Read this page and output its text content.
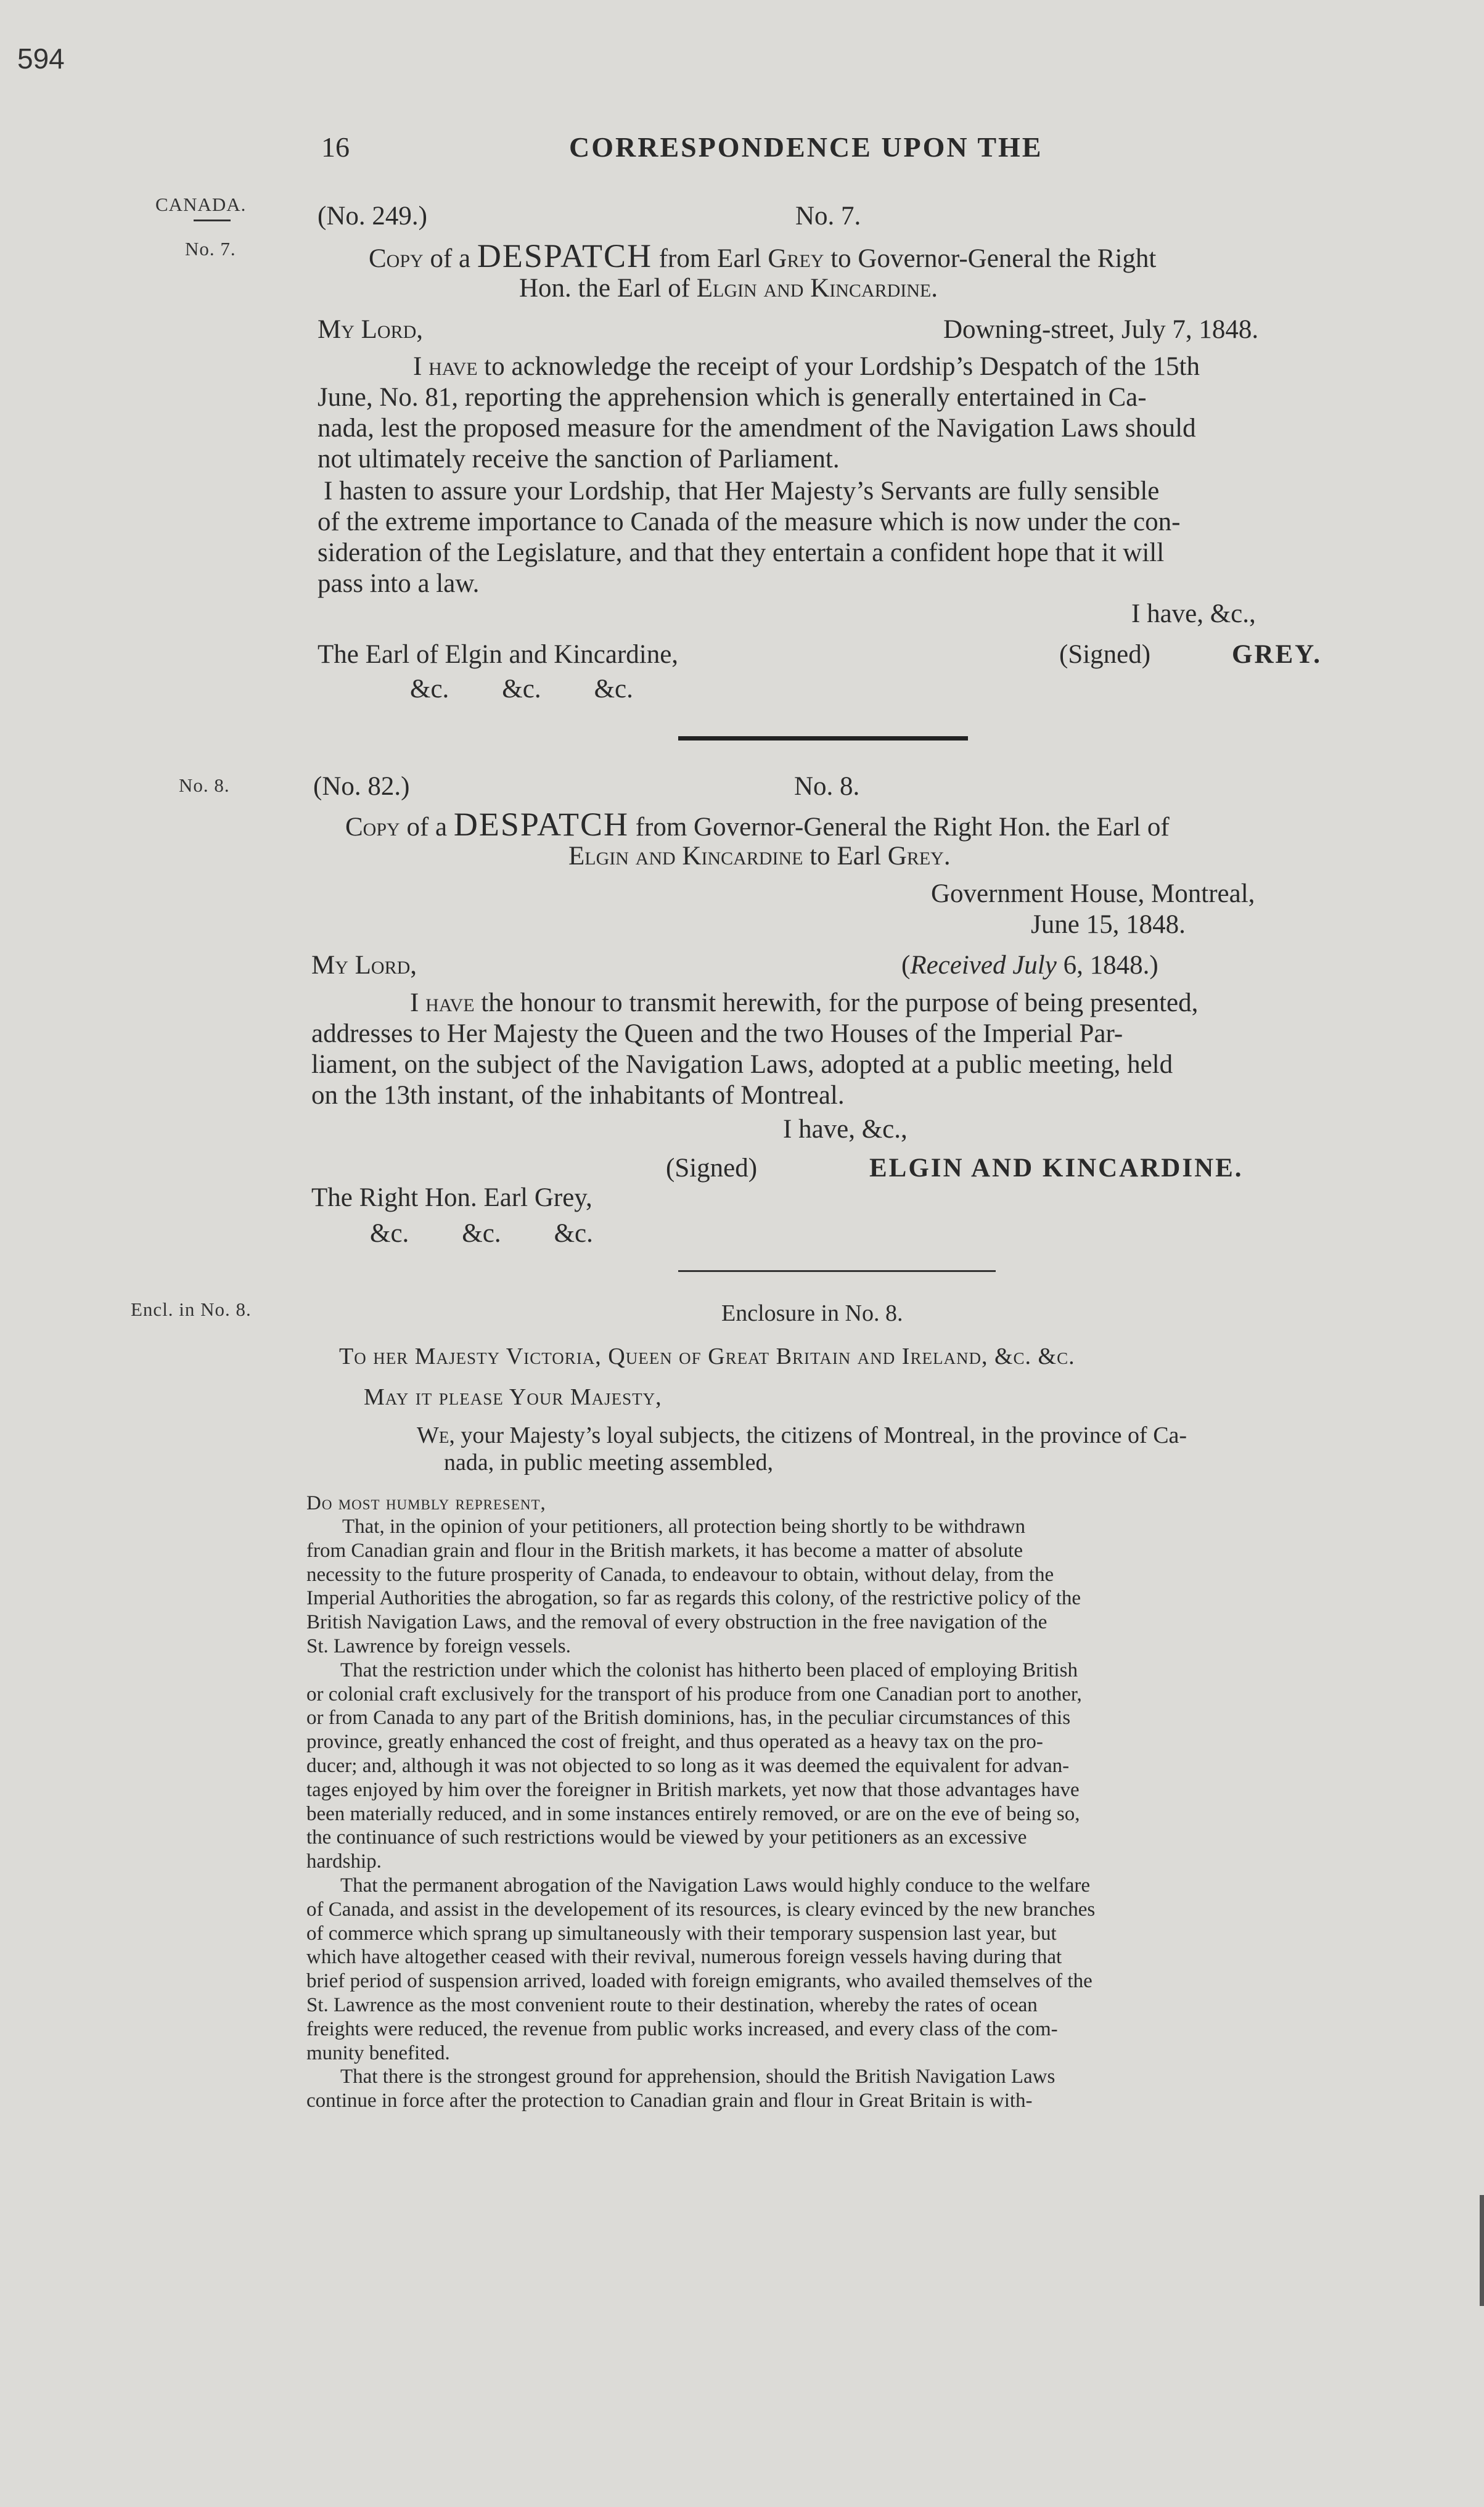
594
16	CORRESPONDENCE UPON THE
CANADA.
No. 7.
No. 8.
Encl. in No. 8.
(No. 249.)	No. 7.
Copy of a DESPATCH from Earl Grey to Governor-General the Right
Hon. the Earl of Elgin and Kincardine.
My Lord,	Downing-street, July 7, 1848.
I have to acknowledge the receipt of your Lordship’s Despatch of the 15th
June, No. 81, reporting the apprehension which is generally entertained in Ca-
nada, lest the proposed measure for the amendment of the Navigation Laws should
not ultimately receive the sanction of Parliament.
I hasten to assure your Lordship, that Her Majesty’s Servants are fully sensible
of the extreme importance to Canada of the measure which is now under the con-
sideration of the Legislature, and that they entertain a confident hope that it will
pass into a law.
I have, &c.,
The Earl of Elgin and Kincardine,	(Signed)	GREY.
&c.        &c.        &c.
(No. 82.)	No. 8.
Copy of a DESPATCH from Governor-General the Right Hon. the Earl of
Elgin and Kincardine to Earl Grey.
Government House, Montreal,
June 15, 1848.
My Lord,	(Received July 6, 1848.)
I have the honour to transmit herewith, for the purpose of being presented,
addresses to Her Majesty the Queen and the two Houses of the Imperial Par-
liament, on the subject of the Navigation Laws, adopted at a public meeting, held
on the 13th instant, of the inhabitants of Montreal.
I have, &c.,
(Signed)	ELGIN AND KINCARDINE.
The Right Hon. Earl Grey,
&c.        &c.        &c.
Enclosure in No. 8.
To her Majesty Victoria, Queen of Great Britain and Ireland, &c. &c.
May it please Your Majesty,
We, your Majesty’s loyal subjects, the citizens of Montreal, in the province of Ca-
nada, in public meeting assembled,
Do most humbly represent,
That, in the opinion of your petitioners, all protection being shortly to be withdrawn
from Canadian grain and flour in the British markets, it has become a matter of absolute
necessity to the future prosperity of Canada, to endeavour to obtain, without delay, from the
Imperial Authorities the abrogation, so far as regards this colony, of the restrictive policy of the
British Navigation Laws, and the removal of every obstruction in the free navigation of the
St. Lawrence by foreign vessels.
That the restriction under which the colonist has hitherto been placed of employing British
or colonial craft exclusively for the transport of his produce from one Canadian port to another,
or from Canada to any part of the British dominions, has, in the peculiar circumstances of this
province, greatly enhanced the cost of freight, and thus operated as a heavy tax on the pro-
ducer; and, although it was not objected to so long as it was deemed the equivalent for advan-
tages enjoyed by him over the foreigner in British markets, yet now that those advantages have
been materially reduced, and in some instances entirely removed, or are on the eve of being so,
the continuance of such restrictions would be viewed by your petitioners as an excessive
hardship.
That the permanent abrogation of the Navigation Laws would highly conduce to the welfare
of Canada, and assist in the developement of its resources, is cleary evinced by the new branches
of commerce which sprang up simultaneously with their temporary suspension last year, but
which have altogether ceased with their revival, numerous foreign vessels having during that
brief period of suspension arrived, loaded with foreign emigrants, who availed themselves of the
St. Lawrence as the most convenient route to their destination, whereby the rates of ocean
freights were reduced, the revenue from public works increased, and every class of the com-
munity benefited.
That there is the strongest ground for apprehension, should the British Navigation Laws
continue in force after the protection to Canadian grain and flour in Great Britain is with-
